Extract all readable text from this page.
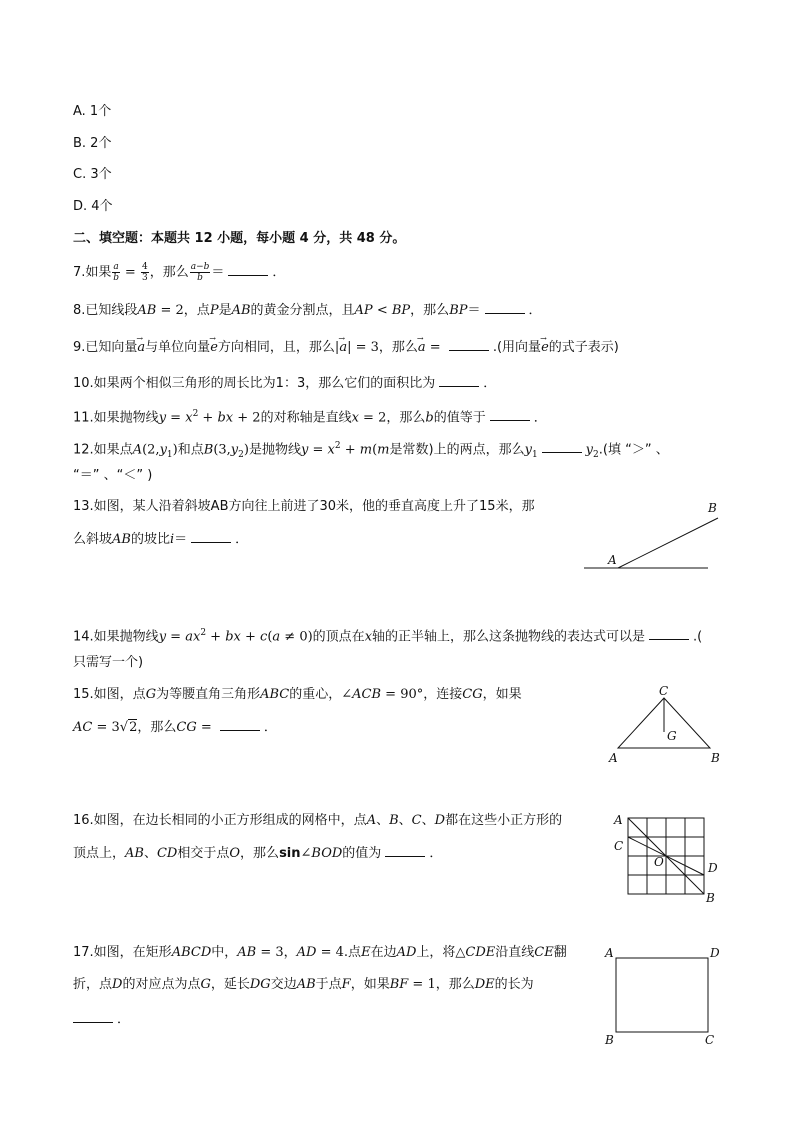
A. 1个
B. 2个
C. 3个
D. 4个
二、填空题：本题共 12 小题，每小题 4 分，共 48 分。
7.如果 $\frac{a}{b} = \frac{4}{3}$ ，那么 $\frac{a-b}{b}$ ＝	．
8.已知线段AB = 2，点P是AB的黄金分割点，且AP < BP，那么BP＝	．
9.已知向量→ a与单位向量→ e方向相同，且，那么|→ a| = 3，那么→ a =	.(用向量→ e的式子表示)
10.如果两个相似三角形的周长比为1：3，那么它们的面积比为	．
11.如果抛物线$y = x^2$ + bx + 2的对称轴是直线x = 2，那么b的值等于	．
12.如果点$A(2,y_1)$和点$B(3,y_2)$是抛物线$y = x^2 + m(m$是常数)上的两点，那么$y_1$	$y_2$.(填 “＞” 、
“＝” 、“＜” )
13.如图，某人沿着斜坡AB方向往上前进了30米，他的垂直高度上升了15米，那
么斜坡AB的坡比i＝	．
A
B
14.如果抛物线$y = ax^2$ + bx + c(a ≠ 0)的顶点在x轴的正半轴上，那么这条抛物线的表达式可以是	.(
只需写一个)
15.如图，点G为等腰直角三角形ABC的重心，∠ACB = 90°，连接CG，如果
AC = 3√2，那么CG =	．
C
G
A	B
16.如图，在边长相同的小正方形组成的网格中，点A、B、C、D都在这些小正方形的
顶点上，AB、CD相交于点O，那么sin∠BOD的值为	．
A
C
O	D
B
17.如图，在矩形ABCD中，AB = 3，AD = 4.点E在边AD上，将△CDE沿直线CE翻
折，点D的对应点为点G，延长DG交边AB于点F，如果BF = 1，那么DE的长为
．
A	D
B	C
